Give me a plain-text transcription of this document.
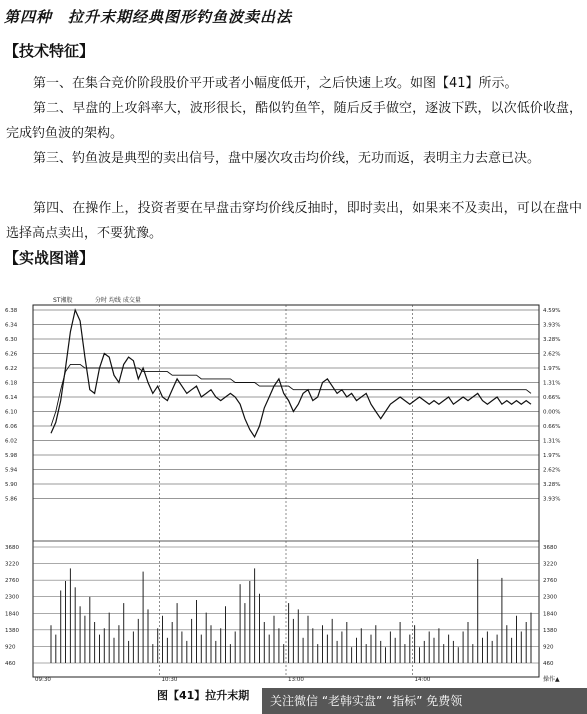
第四种　拉升末期经典图形钓鱼波卖出法
【技术特征】

第一、在集合竞价阶段股价平开或者小幅度低开，之后快速上攻。如图【41】所示。

第二、早盘的上攻斜率大，波形很长，酷似钓鱼竿，随后反手做空，逐波下跌，以次低价收盘，完成钓鱼波的架构。

第三、钓鱼波是典型的卖出信号，盘中屡次攻击均价线，无功而返，表明主力去意已决。

第四、在操作上，投资者要在早盘击穿均价线反抽时，即时卖出，如果来不及卖出，可以在盘中选择高点卖出，不要犹豫。

【实战图谱】
ST湘股	分时 均线 成交量
6.38	4.59%
6.34	3.93%
6.30	3.28%
6.26	2.62%
6.22	1.97%
6.18	1.31%
6.14	0.66%
6.10	0.00%
6.06	0.66%
6.02	1.31%
5.98	1.97%
5.94	2.62%
5.90	3.28%
5.86	3.93%
3680	3680
3220	3220
2760	2760
2300	2300
1840	1840
1380	1380
920	920
460	460
09:30	10:30	13:00	14:00	操作▲
图【41】拉升末期	关注微信 “老韩实盘” “指标” 免费领
